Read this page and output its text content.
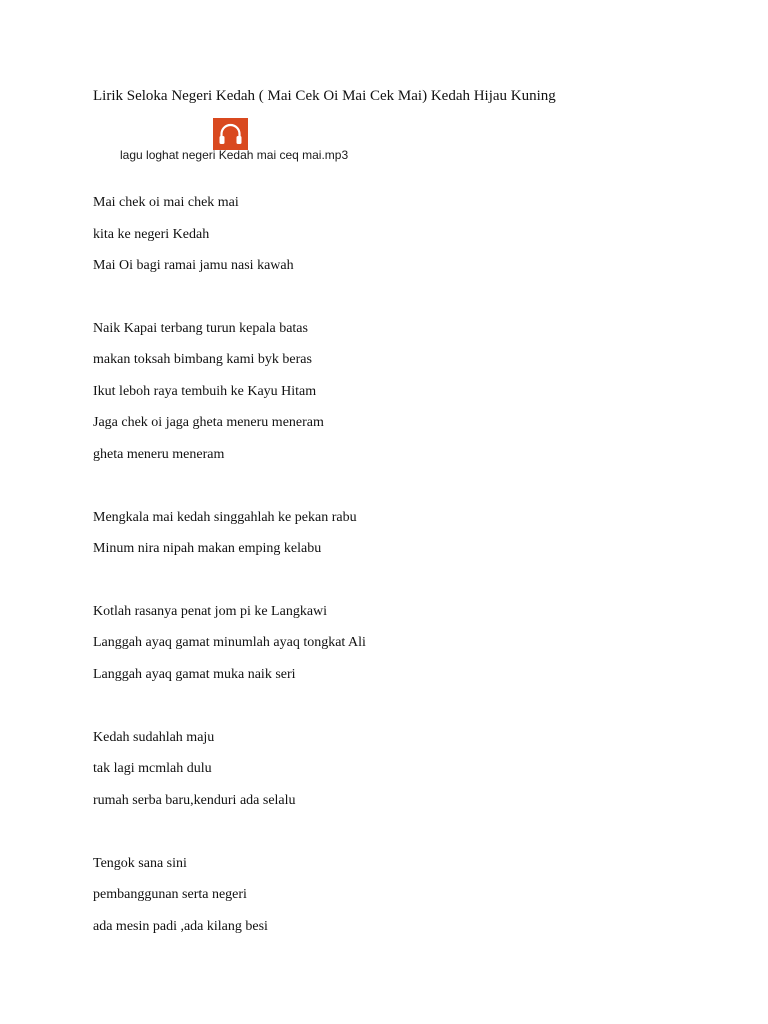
Lirik Seloka Negeri Kedah ( Mai Cek Oi Mai Cek Mai) Kedah Hijau Kuning
lagu loghat negeri Kedah mai ceq mai.mp3
Mai chek oi mai chek mai
kita ke negeri Kedah
Mai Oi bagi ramai jamu nasi kawah
Naik Kapai terbang turun kepala batas
makan toksah bimbang kami byk beras
Ikut leboh raya tembuih ke Kayu Hitam
Jaga chek oi jaga gheta meneru meneram
gheta meneru meneram
Mengkala mai kedah singgahlah ke pekan rabu
Minum nira nipah makan emping kelabu
Kotlah rasanya penat jom pi ke Langkawi
Langgah ayaq gamat minumlah ayaq tongkat Ali
Langgah ayaq gamat muka naik seri
Kedah sudahlah maju
tak lagi mcmlah dulu
rumah serba baru,kenduri ada selalu
Tengok sana sini
pembanggunan serta negeri
ada mesin padi ,ada kilang besi
